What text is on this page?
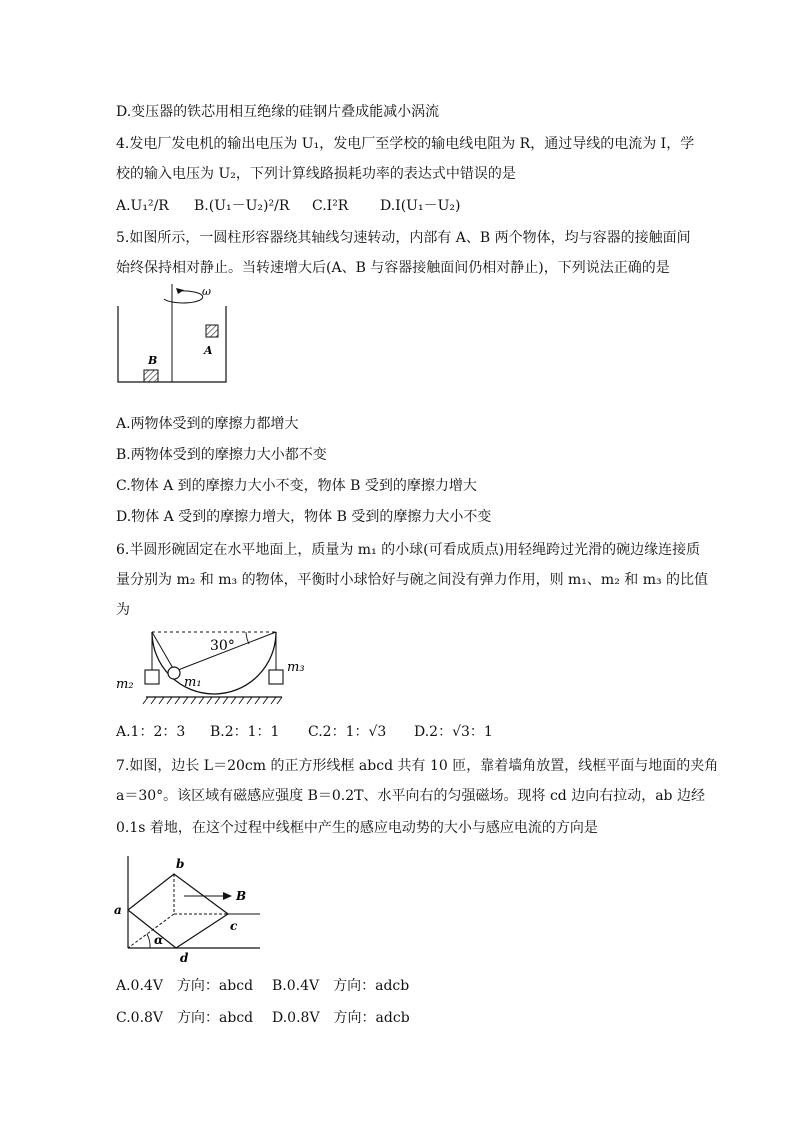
D.变压器的铁芯用相互绝缘的硅钢片叠成能减小涡流
4.发电厂发电机的输出电压为 U₁，发电厂至学校的输电线电阻为 R，通过导线的电流为 I，学
校的输入电压为 U₂，下列计算线路损耗功率的表达式中错误的是
A.U₁²/R B.(U₁－U₂)²/R C.I²R D.I(U₁－U₂)
5.如图所示，一圆柱形容器绕其轴线匀速转动，内部有 A、B 两个物体，均与容器的接触面间
始终保持相对静止。当转速增大后(A、B 与容器接触面间仍相对静止)，下列说法正确的是
ω
A
B
A.两物体受到的摩擦力都增大
B.两物体受到的摩擦力大小都不变
C.物体 A 到的摩擦力大小不变，物体 B 受到的摩擦力增大
D.物体 A 受到的摩擦力增大，物体 B 受到的摩擦力大小不变
6.半圆形碗固定在水平地面上，质量为 m₁ 的小球(可看成质点)用轻绳跨过光滑的碗边缘连接质
量分别为 m₂ 和 m₃ 的物体，平衡时小球恰好与碗之间没有弹力作用，则 m₁、m₂ 和 m₃ 的比值
为
30°
m₁
m₂
m₃
A.1：2：3 B.2：1：1 C.2：1：√3 D.2：√3：1
7.如图，边长 L＝20cm 的正方形线框 abcd 共有 10 匝，靠着墙角放置，线框平面与地面的夹角
a＝30°。该区域有磁感应强度 B＝0.2T、水平向右的匀强磁场。现将 cd 边向右拉动，ab 边经
0.1s 着地，在这个过程中线框中产生的感应电动势的大小与感应电流的方向是
a
b
c
d
B
α
A.0.4V　方向：abcd B.0.4V　方向：adcb
C.0.8V　方向：abcd D.0.8V　方向：adcb
